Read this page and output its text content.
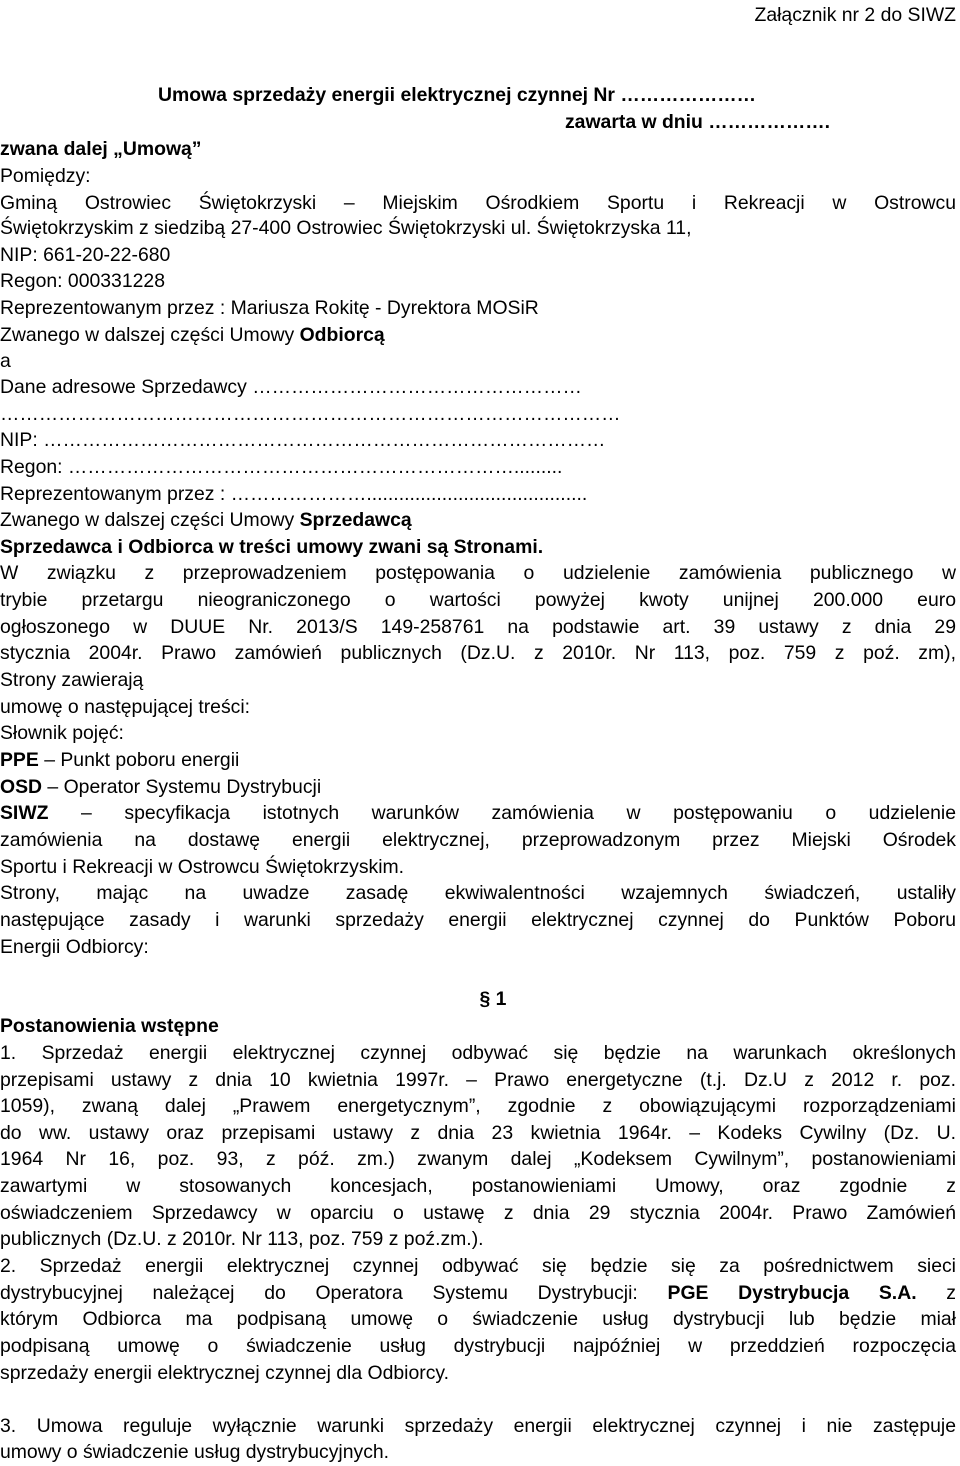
Załącznik nr 2 do SIWZ
Umowa sprzedaży energii elektrycznej czynnej Nr …………………
zawarta w dniu ……………….
zwana dalej „Umową”
Pomiędzy:
Gminą Ostrowiec Świętokrzyski – Miejskim Ośrodkiem Sportu i Rekreacji w Ostrowcu
Świętokrzyskim z siedzibą 27-400 Ostrowiec Świętokrzyski ul. Świętokrzyska 11,
NIP: 661-20-22-680
Regon: 000331228
Reprezentowanym przez : Mariusza Rokitę - Dyrektora MOSiR
Zwanego w dalszej części Umowy Odbiorcą
a
Dane adresowe Sprzedawcy ……………………………………………
……………………………………………………………………………………
NIP: ……………………………………………………………………………
Regon: …………………………………………………………….........
Reprezentowanym przez : ………………….........................................
Zwanego w dalszej części Umowy Sprzedawcą
Sprzedawca i Odbiorca w treści umowy zwani są Stronami.
W związku z przeprowadzeniem postępowania o udzielenie zamówienia publicznego w
trybie przetargu nieograniczonego o wartości powyżej kwoty unijnej 200.000 euro
ogłoszonego w DUUE Nr. 2013/S 149-258761 na podstawie art. 39 ustawy z dnia 29
stycznia 2004r. Prawo zamówień publicznych (Dz.U. z 2010r. Nr 113, poz. 759 z poź. zm),
Strony zawierają
umowę o następującej treści:
Słownik pojęć:
PPE – Punkt poboru energii
OSD – Operator Systemu Dystrybucji
SIWZ – specyfikacja istotnych warunków zamówienia w postępowaniu o udzielenie
zamówienia na dostawę energii elektrycznej, przeprowadzonym przez Miejski Ośrodek
Sportu i Rekreacji w Ostrowcu Świętokrzyskim.
Strony, mając na uwadze zasadę ekwiwalentności wzajemnych świadczeń, ustaliły
następujące zasady i warunki sprzedaży energii elektrycznej czynnej do Punktów Poboru
Energii Odbiorcy:
§ 1
Postanowienia wstępne
1. Sprzedaż energii elektrycznej czynnej odbywać się będzie na warunkach określonych
przepisami ustawy z dnia 10 kwietnia 1997r. – Prawo energetyczne (t.j. Dz.U z 2012 r. poz.
1059), zwaną dalej „Prawem energetycznym”, zgodnie z obowiązującymi rozporządzeniami
do ww. ustawy oraz przepisami ustawy z dnia 23 kwietnia 1964r. – Kodeks Cywilny (Dz. U.
1964 Nr 16, poz. 93, z póź. zm.) zwanym dalej „Kodeksem Cywilnym”, postanowieniami
zawartymi w stosowanych koncesjach, postanowieniami Umowy, oraz zgodnie z
oświadczeniem Sprzedawcy w oparciu o ustawę z dnia 29 stycznia 2004r. Prawo Zamówień
publicznych (Dz.U. z 2010r. Nr 113, poz. 759 z poź.zm.).
2. Sprzedaż energii elektrycznej czynnej odbywać się będzie się za pośrednictwem sieci
dystrybucyjnej należącej do Operatora Systemu Dystrybucji: PGE Dystrybucja S.A. z
którym Odbiorca ma podpisaną umowę o świadczenie usług dystrybucji lub będzie miał
podpisaną umowę o świadczenie usług dystrybucji najpóźniej w przeddzień rozpoczęcia
sprzedaży energii elektrycznej czynnej dla Odbiorcy.
3. Umowa reguluje wyłącznie warunki sprzedaży energii elektrycznej czynnej i nie zastępuje
umowy o świadczenie usług dystrybucyjnych.
